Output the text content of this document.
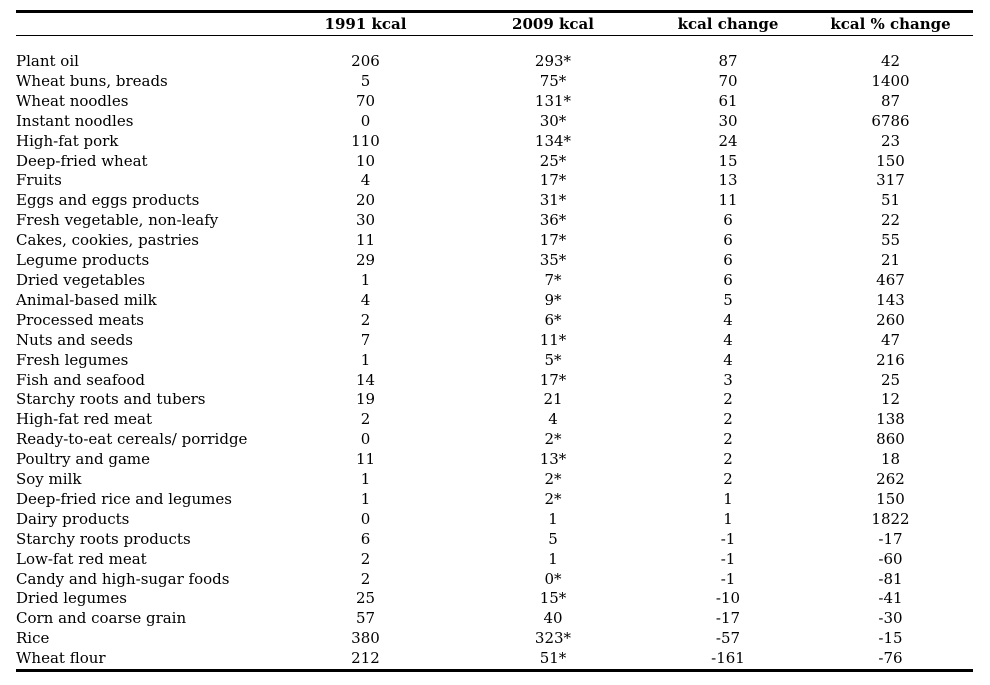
	1991 kcal	2009 kcal	kcal change	kcal % change

Plant oil	206	293*	87	42
Wheat buns, breads	5	75*	70	1400
Wheat noodles	70	131*	61	87
Instant noodles	0	30*	30	6786
High-fat pork	110	134*	24	23
Deep-fried wheat	10	25*	15	150
Fruits	4	17*	13	317
Eggs and eggs products	20	31*	11	51
Fresh vegetable, non-leafy	30	36*	6	22
Cakes, cookies, pastries	11	17*	6	55
Legume products	29	35*	6	21
Dried vegetables	1	7*	6	467
Animal-based milk	4	9*	5	143
Processed meats	2	6*	4	260
Nuts and seeds	7	11*	4	47
Fresh legumes	1	5*	4	216
Fish and seafood	14	17*	3	25
Starchy roots and tubers	19	21	2	12
High-fat red meat	2	4	2	138
Ready-to-eat cereals/ porridge	0	2*	2	860
Poultry and game	11	13*	2	18
Soy milk	1	2*	2	262
Deep-fried rice and legumes	1	2*	1	150
Dairy products	0	1	1	1822
Starchy roots products	6	5	-1	-17
Low-fat red meat	2	1	-1	-60
Candy and high-sugar foods	2	0*	-1	-81
Dried legumes	25	15*	-10	-41
Corn and coarse grain	57	40	-17	-30
Rice	380	323*	-57	-15
Wheat flour	212	51*	-161	-76
